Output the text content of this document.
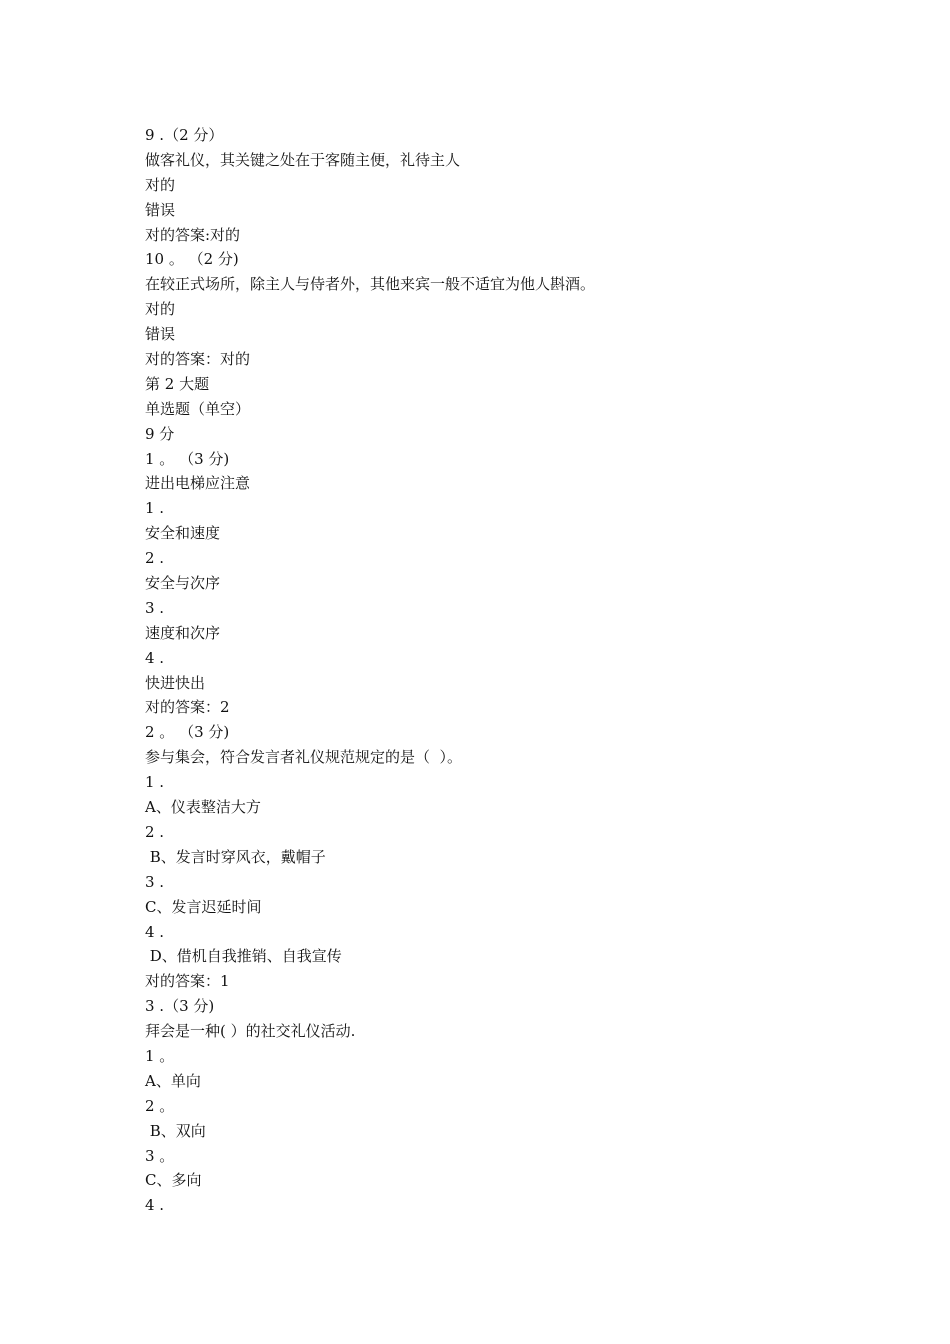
9 .（2 分）
做客礼仪，其关键之处在于客随主便，礼待主人
对的
错误
对的答案:对的
10 。 （2 分)
在较正式场所，除主人与侍者外，其他来宾一般不适宜为他人斟酒。
对的
错误
对的答案：对的
第 2 大题
单选题（单空）
9 分
1 。 （3 分)
进出电梯应注意
1 .
安全和速度
2 .
安全与次序
3 .
速度和次序
4 .
快进快出
对的答案：2
2 。 （3 分)
参与集会，符合发言者礼仪规范规定的是（  ）。
1 .
A、仪表整洁大方
2 .
B、发言时穿风衣，戴帽子
3 .
C、发言迟延时间
4 .
D、借机自我推销、自我宣传
对的答案：1
3 .（3 分)
拜会是一种( ）的社交礼仪活动.
1 。
A、单向
2 。
B、双向
3 。
C、多向
4 .
